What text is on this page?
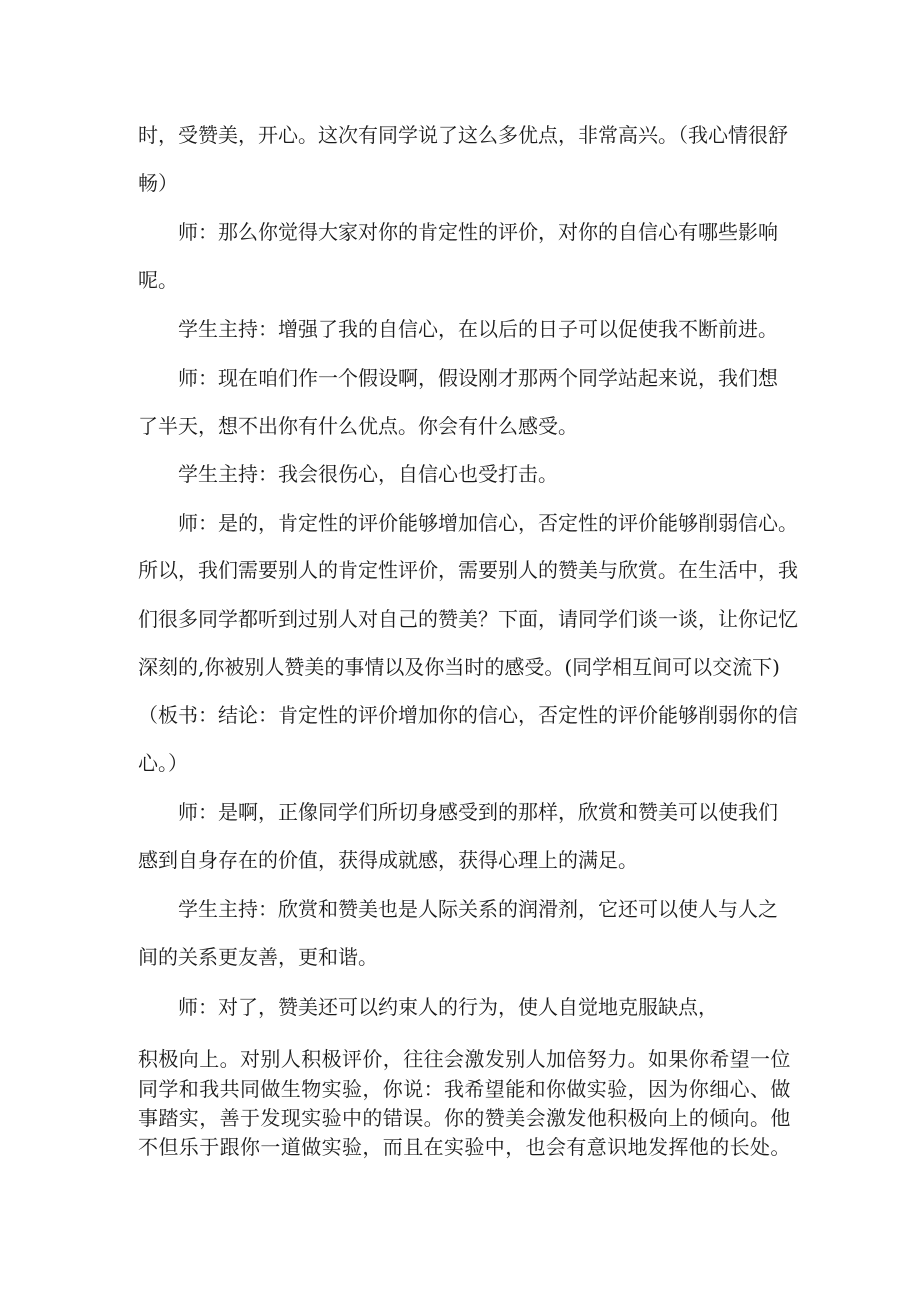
时，受赞美，开心。这次有同学说了这么多优点，非常高兴。（我心情很舒
畅）
师：那么你觉得大家对你的肯定性的评价，对你的自信心有哪些影响
呢。
学生主持：增强了我的自信心，在以后的日子可以促使我不断前进。
师：现在咱们作一个假设啊，假设刚才那两个同学站起来说，我们想
了半天，想不出你有什么优点。你会有什么感受。
学生主持：我会很伤心，自信心也受打击。
师：是的，肯定性的评价能够增加信心，否定性的评价能够削弱信心。
所以，我们需要别人的肯定性评价，需要别人的赞美与欣赏。在生活中，我
们很多同学都听到过别人对自己的赞美？下面，请同学们谈一谈，让你记忆
深刻的,你被别人赞美的事情以及你当时的感受。(同学相互间可以交流下)
（板书：结论：肯定性的评价增加你的信心，否定性的评价能够削弱你的信
心。）
师：是啊，正像同学们所切身感受到的那样，欣赏和赞美可以使我们
感到自身存在的价值，获得成就感，获得心理上的满足。
学生主持：欣赏和赞美也是人际关系的润滑剂，它还可以使人与人之
间的关系更友善，更和谐。
师：对了，赞美还可以约束人的行为，使人自觉地克服缺点，
积极向上。对别人积极评价，往往会激发别人加倍努力。如果你希望一位
同学和我共同做生物实验，你说：我希望能和你做实验，因为你细心、做
事踏实，善于发现实验中的错误。你的赞美会激发他积极向上的倾向。他
不但乐于跟你一道做实验，而且在实验中，也会有意识地发挥他的长处。
